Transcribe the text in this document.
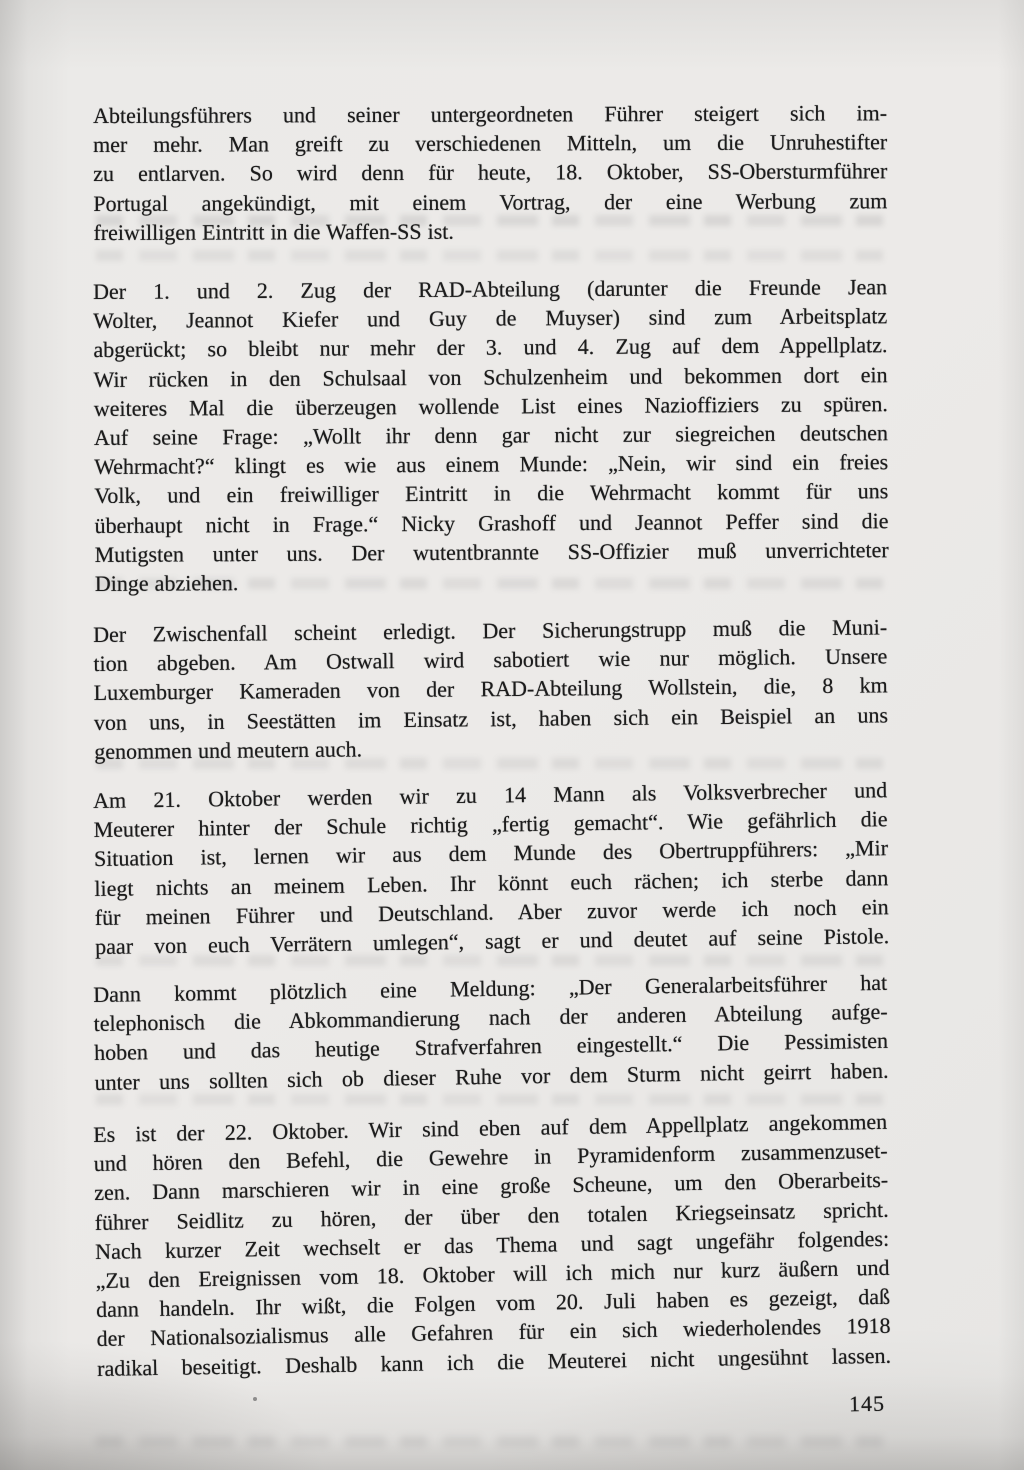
Abteilungsführers und seiner untergeordneten Führer steigert sich im-
mer mehr. Man greift zu verschiedenen Mitteln, um die Unruhestifter
zu entlarven. So wird denn für heute, 18. Oktober, SS-Obersturmführer
Portugal angekündigt, mit einem Vortrag, der eine Werbung zum
freiwilligen Eintritt in die Waffen-SS ist.
Der 1. und 2. Zug der RAD-Abteilung (darunter die Freunde Jean
Wolter, Jeannot Kiefer und Guy de Muyser) sind zum Arbeitsplatz
abgerückt; so bleibt nur mehr der 3. und 4. Zug auf dem Appellplatz.
Wir rücken in den Schulsaal von Schulzenheim und bekommen dort ein
weiteres Mal die überzeugen wollende List eines Nazioffiziers zu spüren.
Auf seine Frage: „Wollt ihr denn gar nicht zur siegreichen deutschen
Wehrmacht?“ klingt es wie aus einem Munde: „Nein, wir sind ein freies
Volk, und ein freiwilliger Eintritt in die Wehrmacht kommt für uns
überhaupt nicht in Frage.“ Nicky Grashoff und Jeannot Peffer sind die
Mutigsten unter uns. Der wutentbrannte SS-Offizier muß unverrichteter
Dinge abziehen.
Der Zwischenfall scheint erledigt. Der Sicherungstrupp muß die Muni-
tion abgeben. Am Ostwall wird sabotiert wie nur möglich. Unsere
Luxemburger Kameraden von der RAD-Abteilung Wollstein, die, 8 km
von uns, in Seestätten im Einsatz ist, haben sich ein Beispiel an uns
genommen und meutern auch.
Am 21. Oktober werden wir zu 14 Mann als Volksverbrecher und
Meuterer hinter der Schule richtig „fertig gemacht“. Wie gefährlich die
Situation ist, lernen wir aus dem Munde des Obertruppführers: „Mir
liegt nichts an meinem Leben. Ihr könnt euch rächen; ich sterbe dann
für meinen Führer und Deutschland. Aber zuvor werde ich noch ein
paar von euch Verrätern umlegen“, sagt er und deutet auf seine Pistole.
Dann kommt plötzlich eine Meldung: „Der Generalarbeitsführer hat
telephonisch die Abkommandierung nach der anderen Abteilung aufge-
hoben und das heutige Strafverfahren eingestellt.“ Die Pessimisten
unter uns sollten sich ob dieser Ruhe vor dem Sturm nicht geirrt haben.
Es ist der 22. Oktober. Wir sind eben auf dem Appellplatz angekommen
und hören den Befehl, die Gewehre in Pyramidenform zusammenzuset-
zen. Dann marschieren wir in eine große Scheune, um den Oberarbeits-
führer Seidlitz zu hören, der über den totalen Kriegseinsatz spricht.
Nach kurzer Zeit wechselt er das Thema und sagt ungefähr folgendes:
„Zu den Ereignissen vom 18. Oktober will ich mich nur kurz äußern und
dann handeln. Ihr wißt, die Folgen vom 20. Juli haben es gezeigt, daß
der Nationalsozialismus alle Gefahren für ein sich wiederholendes 1918
radikal beseitigt. Deshalb kann ich die Meuterei nicht ungesühnt lassen.
145
